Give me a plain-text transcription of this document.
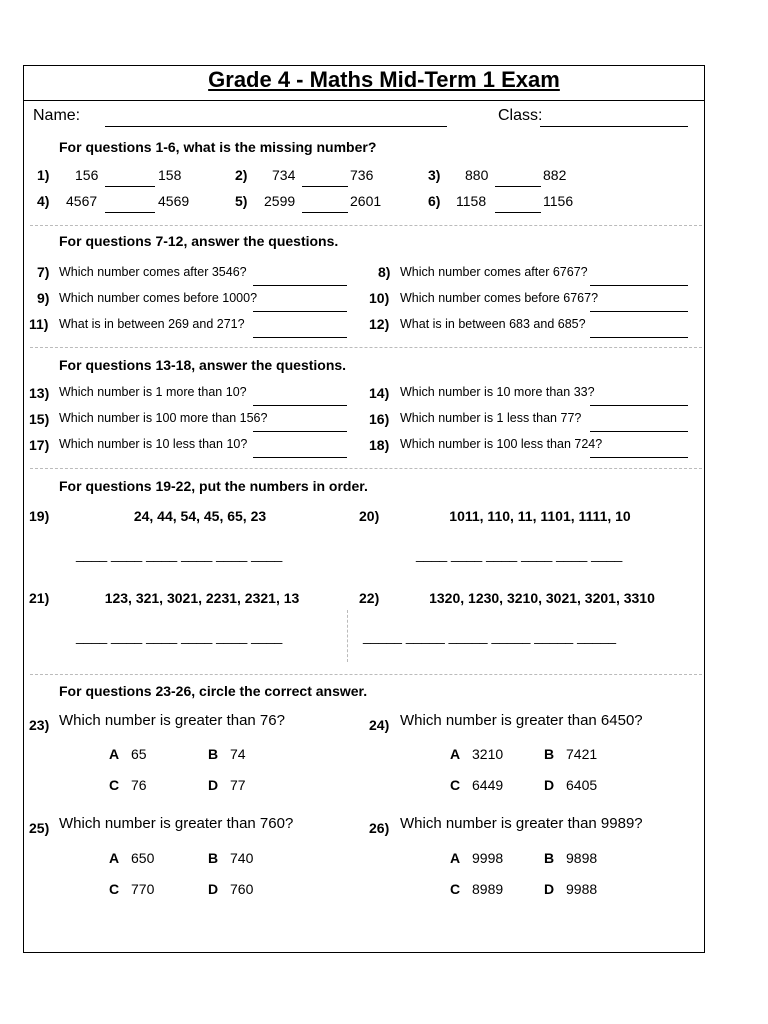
Grade 4 - Maths Mid-Term 1 Exam
Name:	Class:
For questions 1-6, what is the missing number?
1) 156	158	2) 734	736	3) 880	882
4) 4567	4569	5) 2599	2601	6) 1158	1156
For questions 7-12, answer the questions.
7) Which number comes after 3546?	8) Which number comes after 6767?
9) Which number comes before 1000?	10) Which number comes before 6767?
11) What is in between 269 and 271?	12) What is in between 683 and 685?
For questions 13-18, answer the questions.
13) Which number is 1 more than 10?	14) Which number is 10 more than 33?
15) Which number is 100 more than 156?	16) Which number is 1 less than 77?
17) Which number is 10 less than 10?	18) Which number is 100 less than 724?
For questions 19-22, put the numbers in order.
19)	24, 44, 54, 45, 65, 23
____ ____ ____ ____ ____ ____
20)	1011, 110, 11, 1101, 1111, 10
____ ____ ____ ____ ____ ____
21)	123, 321, 3021, 2231, 2321, 13
____ ____ ____ ____ ____ ____
22)	1320, 1230, 3210, 3021, 3201, 3310
_____ _____ _____ _____ _____ _____
For questions 23-26, circle the correct answer.
23) Which number is greater than 76?
A 65	B 74
C 76	D 77
24) Which number is greater than 6450?
A 3210	B 7421
C 6449	D 6405
25) Which number is greater than 760?
A 650	B 740
C 770	D 760
26) Which number is greater than 9989?
A 9998	B 9898
C 8989	D 9988
